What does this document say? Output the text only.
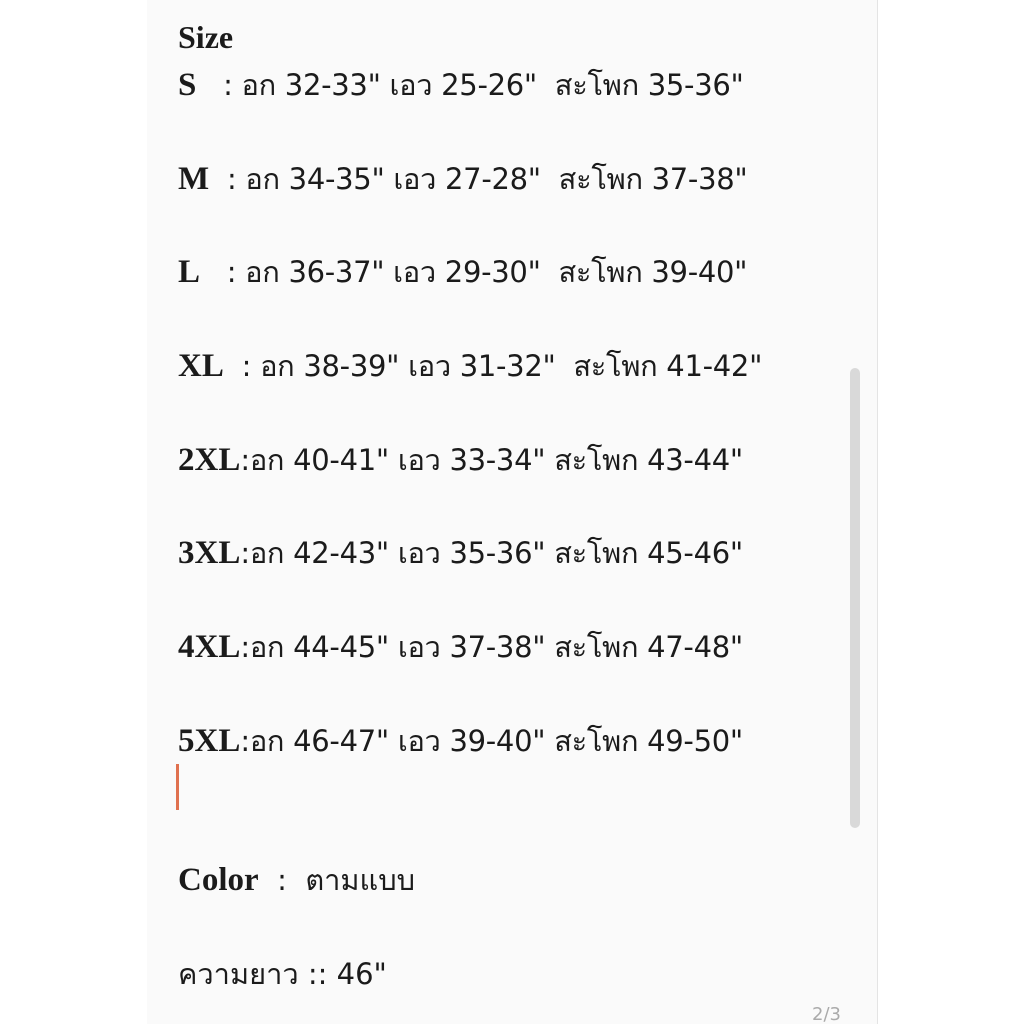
Size
S   : อก 32-33" เอว 25-26"  สะโพก 35-36"
M  : อก 34-35" เอว 27-28"  สะโพก 37-38"
L   : อก 36-37" เอว 29-30"  สะโพก 39-40"
XL  : อก 38-39" เอว 31-32"  สะโพก 41-42"
2XL:อก 40-41" เอว 33-34" สะโพก 43-44"
3XL:อก 42-43" เอว 35-36" สะโพก 45-46"
4XL:อก 44-45" เอว 37-38" สะโพก 47-48"
5XL:อก 46-47" เอว 39-40" สะโพก 49-50"
Color  :  ตามแบบ
ความยาว :: 46"
2/3
